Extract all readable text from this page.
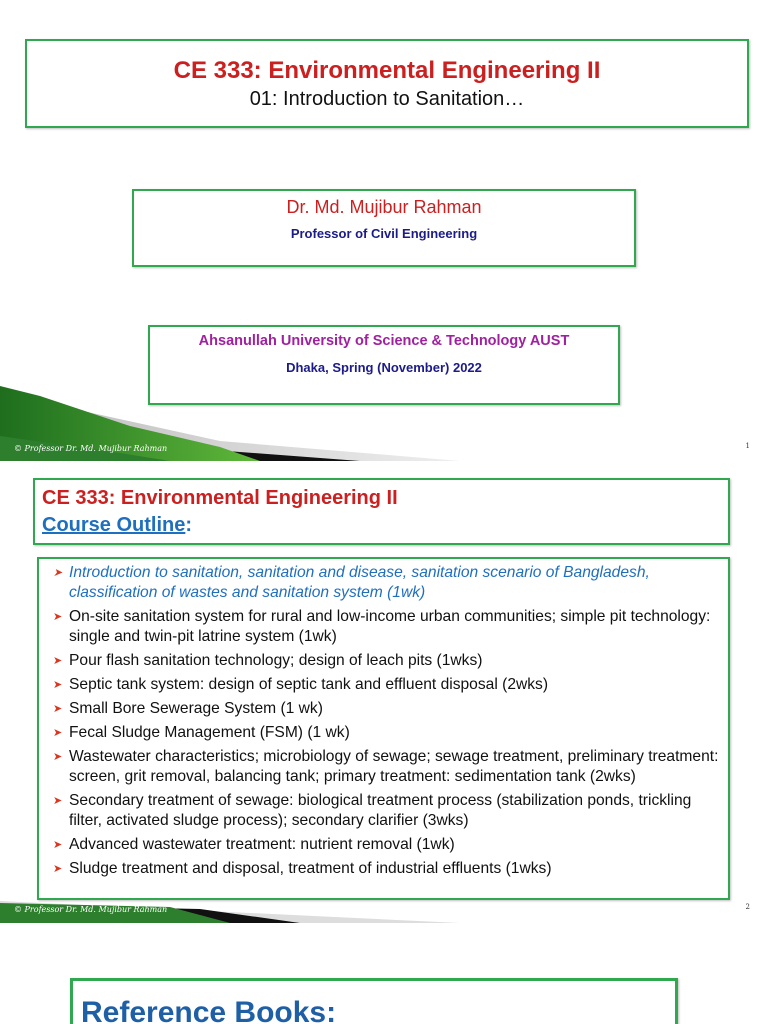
CE 333: Environmental Engineering II
01: Introduction to Sanitation…
Dr. Md. Mujibur Rahman
Professor of Civil Engineering
Ahsanullah University of Science & Technology AUST
Dhaka, Spring (November) 2022
© Professor Dr. Md. Mujibur Rahman	1
CE 333: Environmental Engineering II
Course Outline:
➤ Introduction to sanitation, sanitation and disease, sanitation scenario of Bangladesh, classification of wastes and sanitation system (1wk)
➤ On-site sanitation system for rural and low-income urban communities; simple pit technology: single and twin-pit latrine system (1wk)
➤ Pour flash sanitation technology; design of leach pits (1wks)
➤ Septic tank system: design of septic tank and effluent disposal (2wks)
➤ Small Bore Sewerage System (1 wk)
➤ Fecal Sludge Management (FSM) (1 wk)
➤ Wastewater characteristics; microbiology of sewage; sewage treatment, preliminary treatment: screen, grit removal, balancing tank; primary treatment: sedimentation tank (2wks)
➤ Secondary treatment of sewage: biological treatment process (stabilization ponds, trickling filter, activated sludge process); secondary clarifier (3wks)
➤ Advanced wastewater treatment: nutrient removal (1wk)
➤ Sludge treatment and disposal, treatment of industrial effluents (1wks)
© Professor Dr. Md. Mujibur Rahman	2
Reference Books:
